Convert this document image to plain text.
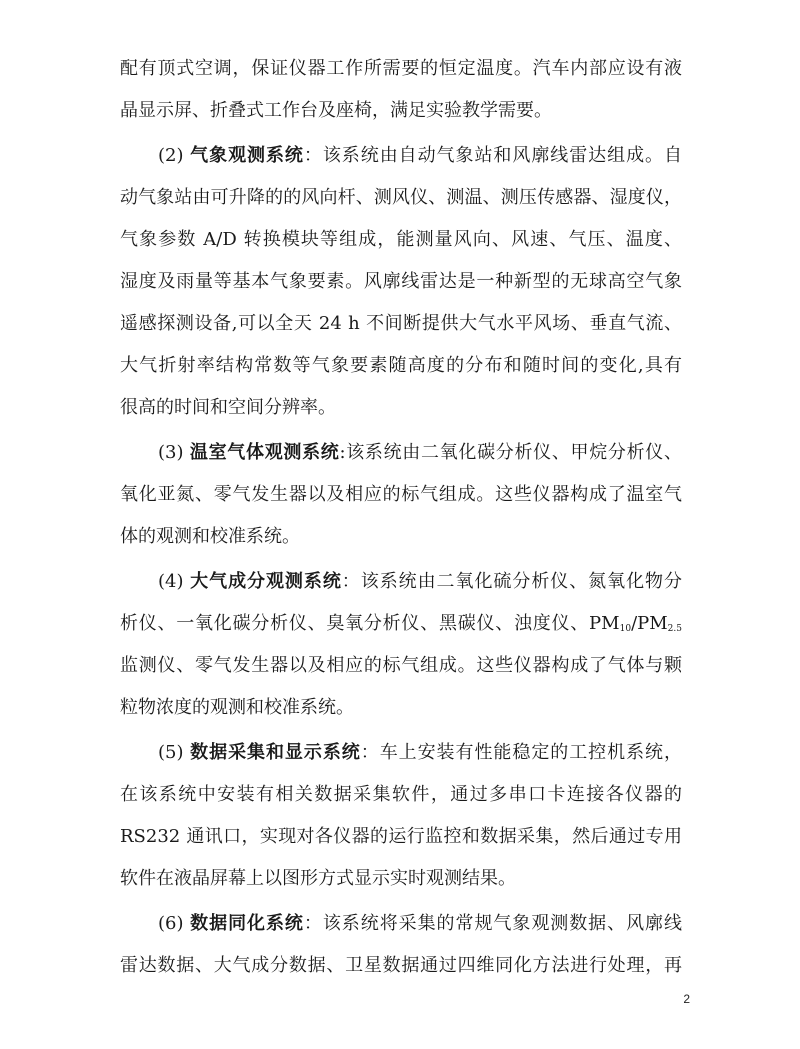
配有顶式空调，保证仪器工作所需要的恒定温度。汽车内部应设有液
晶显示屏、折叠式工作台及座椅，满足实验教学需要。
(2) 气象观测系统：该系统由自动气象站和风廓线雷达组成。自
动气象站由可升降的的风向杆、测风仪、测温、测压传感器、湿度仪，
气象参数 A/D 转换模块等组成，能测量风向、风速、气压、温度、
湿度及雨量等基本气象要素。风廓线雷达是一种新型的无球高空气象
遥感探测设备,可以全天 24 h 不间断提供大气水平风场、垂直气流、
大气折射率结构常数等气象要素随高度的分布和随时间的变化,具有
很高的时间和空间分辨率。
(3) 温室气体观测系统:该系统由二氧化碳分析仪、甲烷分析仪、
氧化亚氮、零气发生器以及相应的标气组成。这些仪器构成了温室气
体的观测和校准系统。
(4) 大气成分观测系统：该系统由二氧化硫分析仪、氮氧化物分
析仪、一氧化碳分析仪、臭氧分析仪、黑碳仪、浊度仪、$PM_{10}/PM_{2.5}$
监测仪、零气发生器以及相应的标气组成。这些仪器构成了气体与颗
粒物浓度的观测和校准系统。
(5) 数据采集和显示系统：车上安装有性能稳定的工控机系统，
在该系统中安装有相关数据采集软件，通过多串口卡连接各仪器的
RS232 通讯口，实现对各仪器的运行监控和数据采集，然后通过专用
软件在液晶屏幕上以图形方式显示实时观测结果。
(6) 数据同化系统：该系统将采集的常规气象观测数据、风廓线
雷达数据、大气成分数据、卫星数据通过四维同化方法进行处理，再
2
